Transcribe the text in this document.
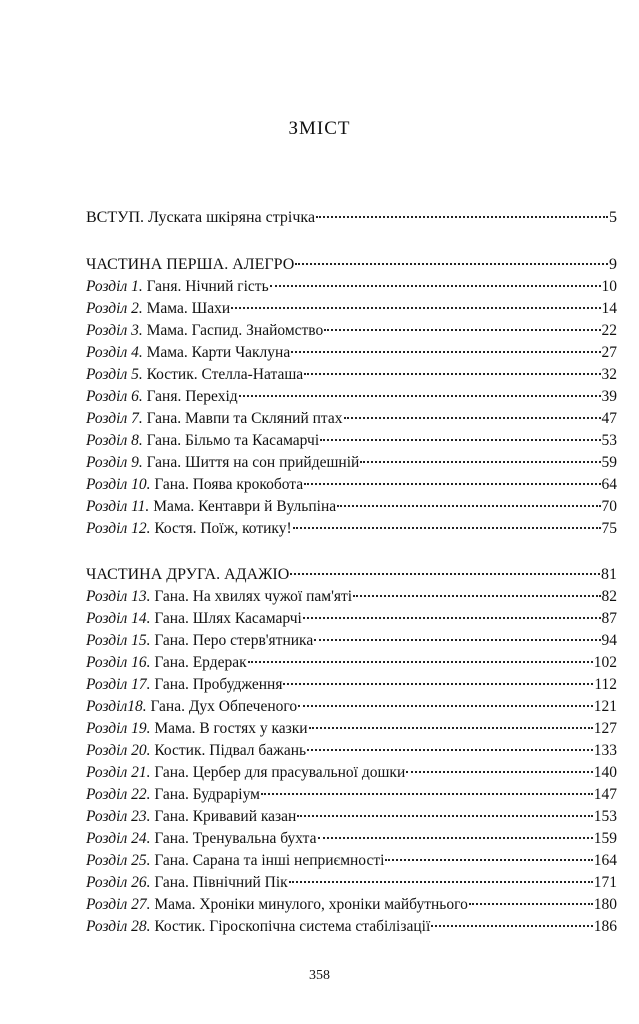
ЗМІСТ
ВСТУП. Луската шкіряна стрічка	5
ЧАСТИНА ПЕРША. АЛЕГРО	9
Розділ 1. Ганя. Нічний гість	10
Розділ 2. Мама. Шахи	14
Розділ 3. Мама. Гаспид. Знайомство	22
Розділ 4. Мама. Карти Чаклуна	27
Розділ 5. Костик. Стелла-Наташа	32
Розділ 6. Ганя. Перехід	39
Розділ 7. Гана. Мавпи та Скляний птах	47
Розділ 8. Гана. Більмо та Касамарчі	53
Розділ 9. Гана. Шиття на сон прийдешній	59
Розділ 10. Гана. Поява крокобота	64
Розділ 11. Мама. Кентаври й Вульпіна	70
Розділ 12. Костя. Поїж, котику!	75
ЧАСТИНА ДРУГА. АДАЖІО	81
Розділ 13. Гана. На хвилях чужої пам'яті	82
Розділ 14. Гана. Шлях Касамарчі	87
Розділ 15. Гана. Перо стерв'ятника	94
Розділ 16. Гана. Ердерак	102
Розділ 17. Гана. Пробудження	112
Розділ18. Гана. Дух Обпеченого	121
Розділ 19. Мама. В гостях у казки	127
Розділ 20. Костик. Підвал бажань	133
Розділ 21. Гана. Цербер для прасувальної дошки	140
Розділ 22. Гана. Будраріум	147
Розділ 23. Гана. Кривавий казан	153
Розділ 24. Гана. Тренувальна бухта	159
Розділ 25. Гана. Сарана та інші неприємності	164
Розділ 26. Гана. Північний Пік	171
Розділ 27. Мама. Хроніки минулого, хроніки майбутнього	180
Розділ 28. Костик. Гіроскопічна система стабілізації	186
358
